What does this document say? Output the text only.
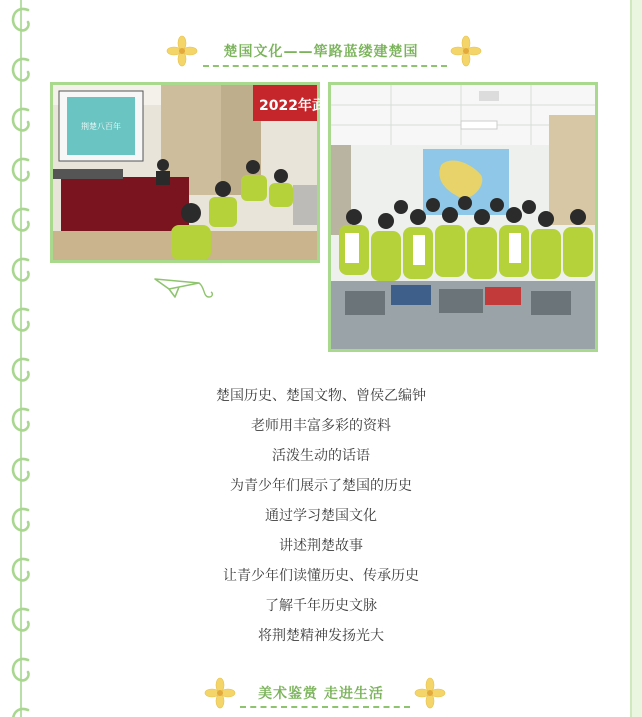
楚国文化——筚路蓝缕建楚国
荆楚八百年
2022年武
楚国历史、楚国文物、曾侯乙编钟
老师用丰富多彩的资料
活泼生动的话语
为青少年们展示了楚国的历史
通过学习楚国文化
讲述荆楚故事
让青少年们读懂历史、传承历史
了解千年历史文脉
将荆楚精神发扬光大
美术鉴赏 走进生活
